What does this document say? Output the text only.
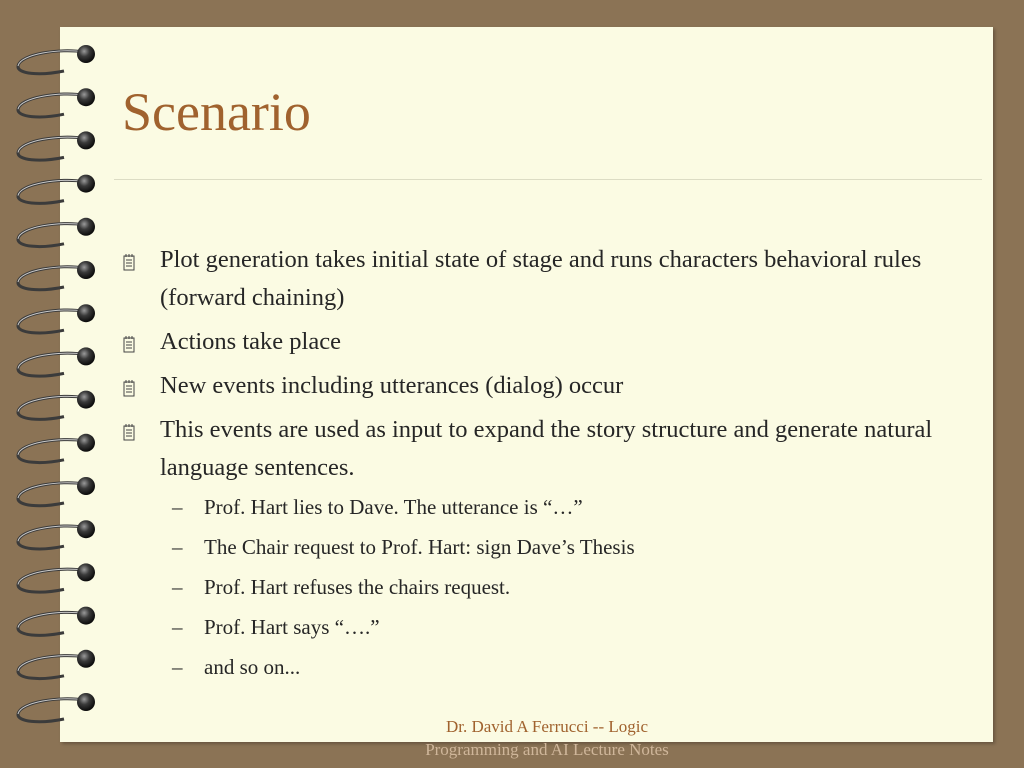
Scenario
Plot generation takes initial state of stage and runs characters behavioral rules (forward chaining)
Actions take place
New events including utterances (dialog) occur
This events are used as input to expand the story structure and generate natural language sentences.
– Prof. Hart lies to Dave. The utterance is “…”
– The Chair request to Prof. Hart: sign Dave’s Thesis
– Prof. Hart refuses the chairs request.
– Prof. Hart says “….”
– and so on...
Dr. David A Ferrucci -- Logic
Programming and AI Lecture Notes
